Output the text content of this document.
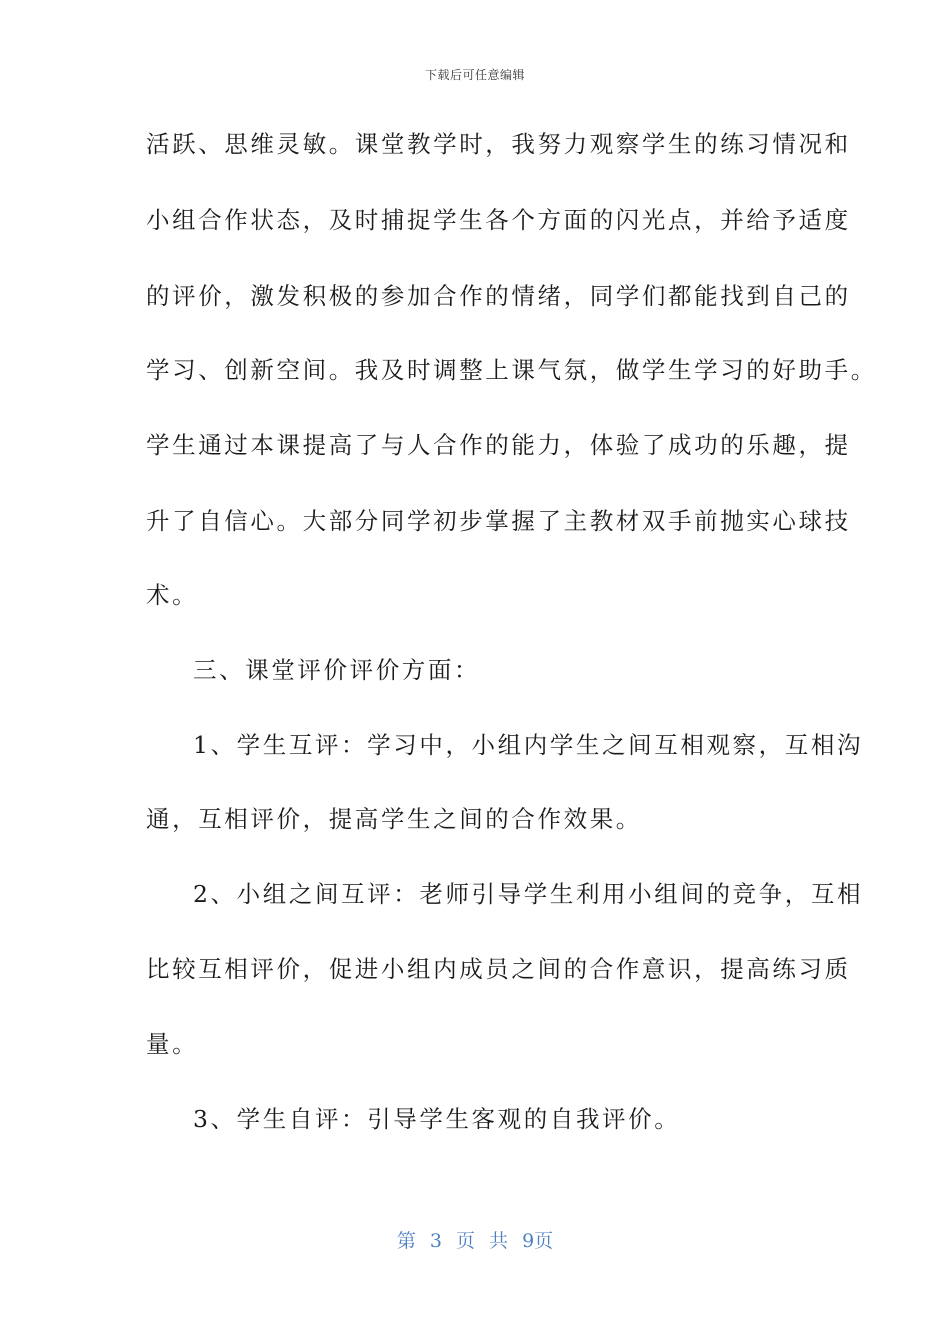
下载后可任意编辑
活跃、思维灵敏。课堂教学时，我努力观察学生的练习情况和
小组合作状态，及时捕捉学生各个方面的闪光点，并给予适度
的评价，激发积极的参加合作的情绪，同学们都能找到自己的
学习、创新空间。我及时调整上课气氛，做学生学习的好助手。
学生通过本课提高了与人合作的能力，体验了成功的乐趣，提
升了自信心。大部分同学初步掌握了主教材双手前抛实心球技
术。
三、课堂评价评价方面：
1、学生互评：学习中，小组内学生之间互相观察，互相沟
通，互相评价，提高学生之间的合作效果。
2、小组之间互评：老师引导学生利用小组间的竞争，互相
比较互相评价，促进小组内成员之间的合作意识，提高练习质
量。
3、学生自评：引导学生客观的自我评价。
第 3 页 共 9页
